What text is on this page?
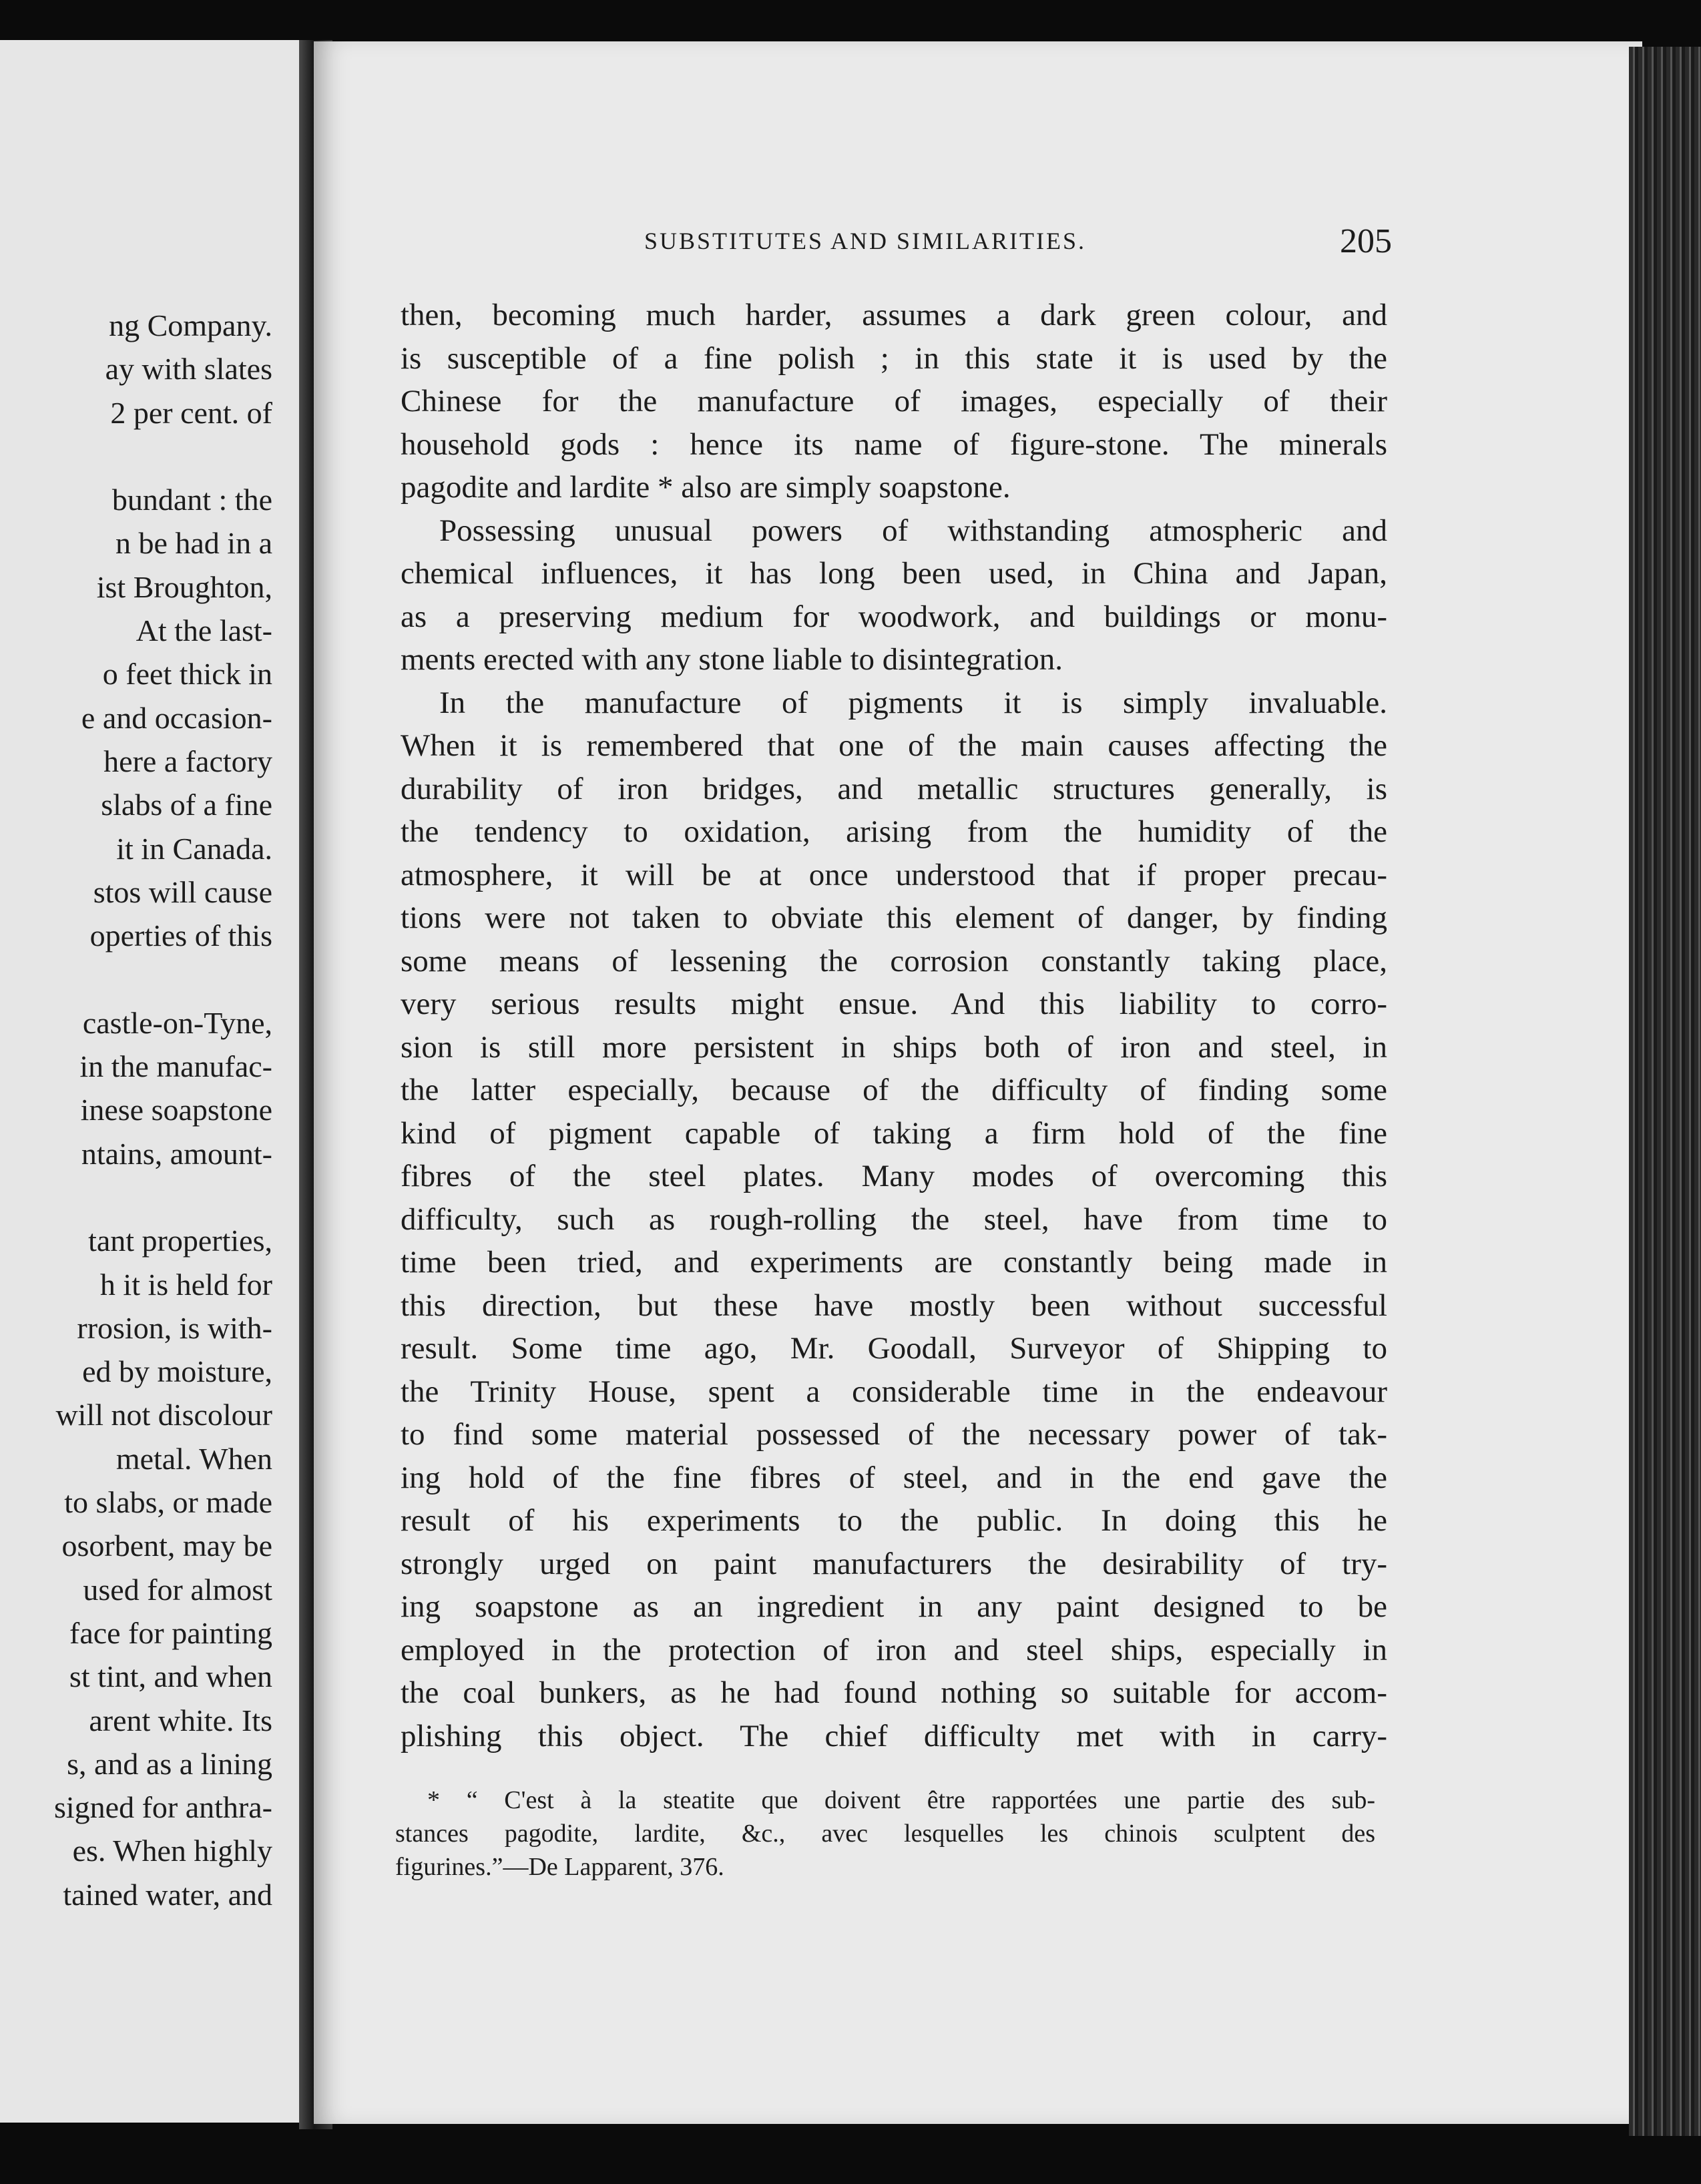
ng Company.
ay with slates
2 per cent. of
bundant : the
n be had in a
ist Broughton,
At the last-
o feet thick in
e and occasion-
here a factory
slabs of a fine
it in Canada.
stos will cause
operties of this
castle-on-Tyne,
in the manufac-
inese soapstone
ntains, amount-
tant properties,
h it is held for
rrosion, is with-
ed by moisture,
will not discolour
metal. When
to slabs, or made
osorbent, may be
used for almost
face for painting
st tint, and when
arent white. Its
s, and as a lining
signed for anthra-
es. When highly
tained water, and
SUBSTITUTES AND SIMILARITIES.	205
then, becoming much harder, assumes a dark green colour, and
is susceptible of a fine polish ; in this state it is used by the
Chinese for the manufacture of images, especially of their
household gods : hence its name of figure-stone. The minerals
pagodite and lardite * also are simply soapstone.
Possessing unusual powers of withstanding atmospheric and
chemical influences, it has long been used, in China and Japan,
as a preserving medium for woodwork, and buildings or monu-
ments erected with any stone liable to disintegration.
In the manufacture of pigments it is simply invaluable.
When it is remembered that one of the main causes affecting the
durability of iron bridges, and metallic structures generally, is
the tendency to oxidation, arising from the humidity of the
atmosphere, it will be at once understood that if proper precau-
tions were not taken to obviate this element of danger, by finding
some means of lessening the corrosion constantly taking place,
very serious results might ensue. And this liability to corro-
sion is still more persistent in ships both of iron and steel, in
the latter especially, because of the difficulty of finding some
kind of pigment capable of taking a firm hold of the fine
fibres of the steel plates. Many modes of overcoming this
difficulty, such as rough-rolling the steel, have from time to
time been tried, and experiments are constantly being made in
this direction, but these have mostly been without successful
result. Some time ago, Mr. Goodall, Surveyor of Shipping to
the Trinity House, spent a considerable time in the endeavour
to find some material possessed of the necessary power of tak-
ing hold of the fine fibres of steel, and in the end gave the
result of his experiments to the public. In doing this he
strongly urged on paint manufacturers the desirability of try-
ing soapstone as an ingredient in any paint designed to be
employed in the protection of iron and steel ships, especially in
the coal bunkers, as he had found nothing so suitable for accom-
plishing this object. The chief difficulty met with in carry-
* “ C'est à la steatite que doivent être rapportées une partie des sub-
stances pagodite, lardite, &c., avec lesquelles les chinois sculptent des
figurines.”—De Lapparent, 376.
